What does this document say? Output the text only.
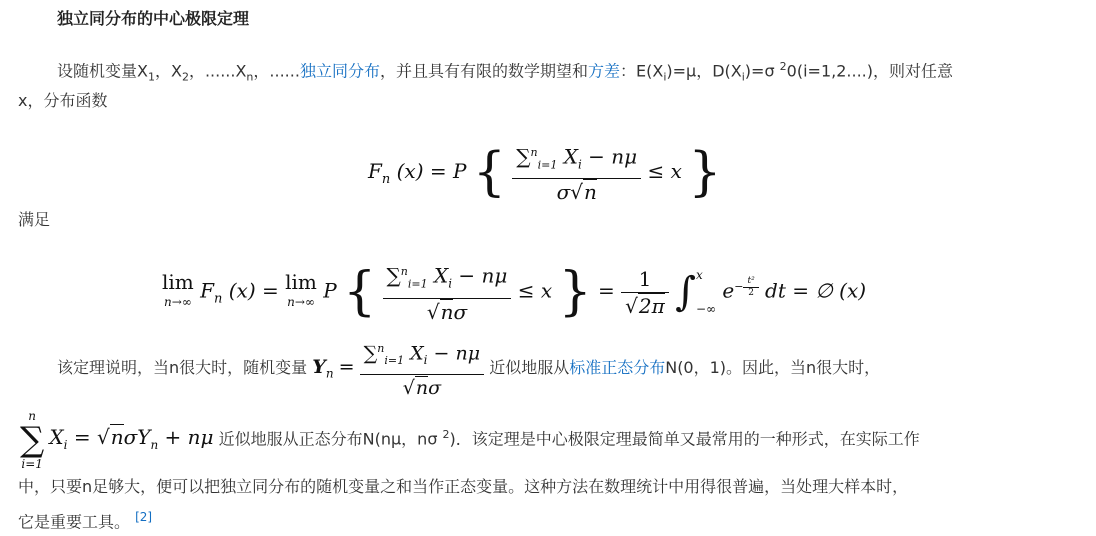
独立同分布的中心极限定理
设随机变量$X_1$，$X_2$，$......X_n$，......独立同分布，并且具有有限的数学期望和方差：$E(X_i)=\mu$，$D(X_i)=\sigma$ $^2$0(i=1,2....)，则对任意
x，分布函数
$F_n$ (x) = P { $\frac{\sum^n_{i=1} X_i - n\mu}{\sigma√n} \le x$ }
满足
lim
n→∞ $F_n$ (x) = lim
n→∞ P { $\frac{\sum^n_{i=1} X_i - n\mu}{√n\sigma} \le x$ } = $\frac{1}{√2\pi}$ ∫ x
−∞
$e^{- \frac{\text{t²}}{2}}$ dt = ∅ (x)
该定理说明，当n很大时，随机变量 $Y_n = \frac{\sum^n_{i=1} X_i - n\mu}{√n\sigma}$ 近似地服从标准正态分布N(0，1)。因此，当n很大时，
n
∑
i=1
$X_i = √n\sigma Y_n + n\mu$ 近似地服从正态分布N(nμ，nσ $^2$)．该定理是中心极限定理最简单又最常用的一种形式，在实际工作
中，只要n足够大，便可以把独立同分布的随机变量之和当作正态变量。这种方法在数理统计中用得很普遍，当处理大样本时，
它是重要工具。 [2]
